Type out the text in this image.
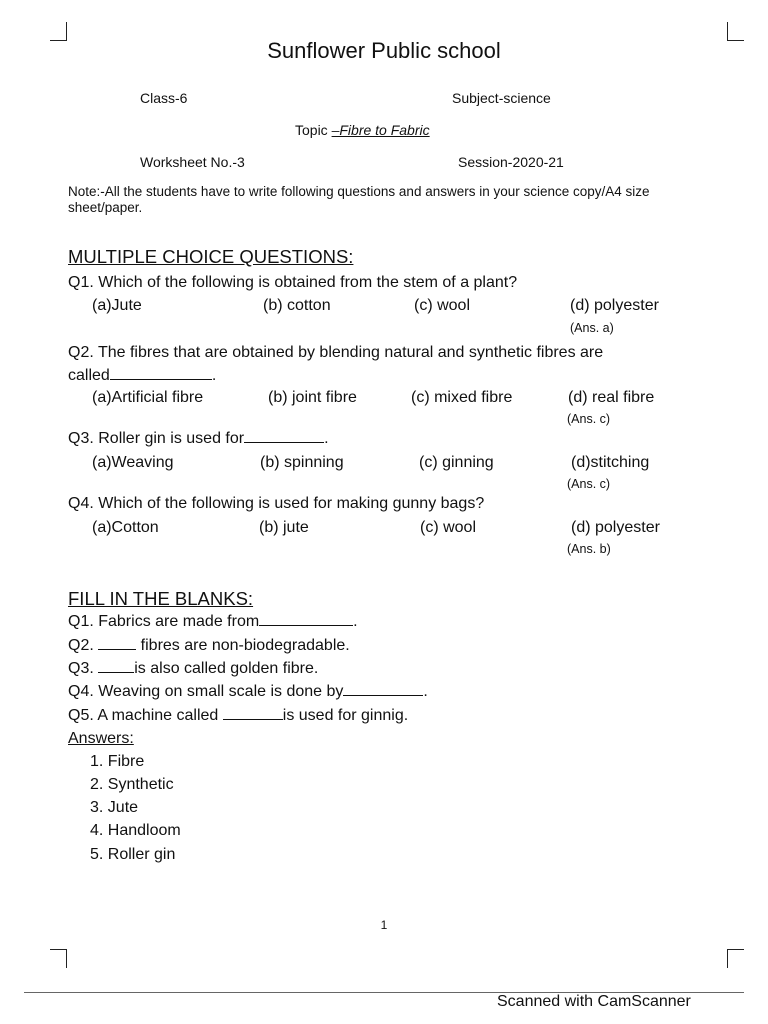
Sunflower Public school
Class-6	Subject-science
Topic –Fibre to Fabric
Worksheet No.-3	Session-2020-21
Note:-All the students have to write following questions and answers in your science copy/A4 size sheet/paper.
MULTIPLE CHOICE QUESTIONS:
Q1. Which of the following is obtained from the stem of a plant?
(a)Jute	(b) cotton	(c) wool	(d) polyester
(Ans. a)
Q2. The fibres that are obtained by blending natural and synthetic fibres are
called	.
(a)Artificial fibre	(b) joint fibre	(c) mixed fibre	(d) real fibre
(Ans. c)
Q3. Roller gin is used for	.
(a)Weaving	(b) spinning	(c) ginning	(d)stitching
(Ans. c)
Q4. Which of the following is used for making gunny bags?
(a)Cotton	(b) jute	(c) wool	(d) polyester
(Ans. b)
FILL IN THE BLANKS:
Q1. Fabrics are made from	.
Q2.  fibres are non-biodegradable.
Q3. is also called golden fibre.
Q4. Weaving on small scale is done by	.
Q5. A machine called	is used for ginnig.
Answers:
1. Fibre
2. Synthetic
3. Jute
4. Handloom
5. Roller gin
1
Scanned with CamScanner
